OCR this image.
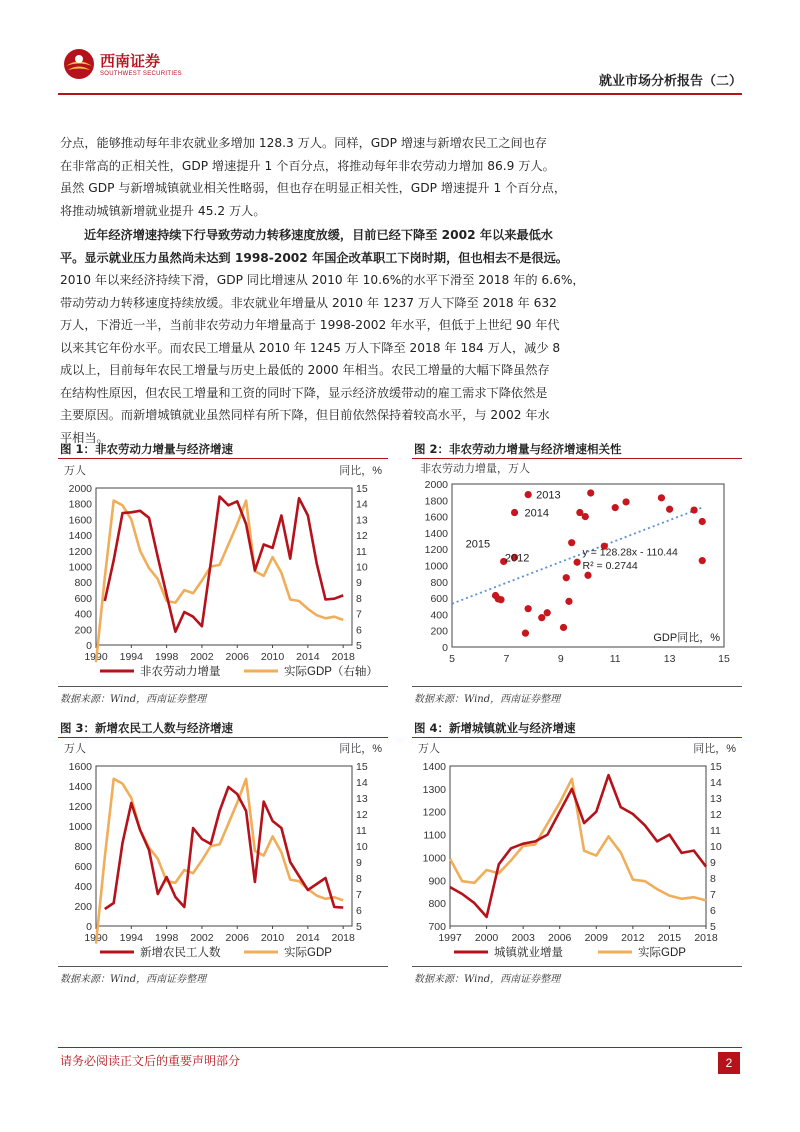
西南证券
SOUTHWEST SECURITIES	就业市场分析报告（二）
分点，能够推动每年非农就业多增加 128.3 万人。同样，GDP 增速与新增农民工之间也存
在非常高的正相关性，GDP 增速提升 1 个百分点，将推动每年非农劳动力增加 86.9 万人。
虽然 GDP 与新增城镇就业相关性略弱，但也存在明显正相关性，GDP 增速提升 1 个百分点，
将推动城镇新增就业提升 45.2 万人。
近年经济增速持续下行导致劳动力转移速度放缓，目前已经下降至 2002 年以来最低水
平。显示就业压力虽然尚未达到 1998-2002 年国企改革职工下岗时期，但也相去不是很远。
2010 年以来经济持续下滑，GDP 同比增速从 2010 年 10.6%的水平下滑至 2018 年的 6.6%，
带动劳动力转移速度持续放缓。非农就业年增量从 2010 年 1237 万人下降至 2018 年 632
万人，下滑近一半，当前非农劳动力年增量高于 1998-2002 年水平，但低于上世纪 90 年代
以来其它年份水平。而农民工增量从 2010 年 1245 万人下降至 2018 年 184 万人，减少 8
成以上，目前每年农民工增量与历史上最低的 2000 年相当。农民工增量的大幅下降虽然存
在结构性原因，但农民工增量和工资的同时下降，显示经济放缓带动的雇工需求下降依然是
主要原因。而新增城镇就业虽然同样有所下降，但目前依然保持着较高水平，与 2002 年水
平相当。
图 1：非农劳动力增量与经济增速	图 2：非农劳动力增量与经济增速相关性
万人	同比，%
0
200
400
600
800
1000
1200
1400
1600
1800
2000
5
6
7
8
9
10
11
12
13
14
15
1990 1994 1998 2002 2006 2010 2014 2018
非农劳动力增量	实际GDP（右轴）
非农劳动力增量，万人
0
200
400
600
800
1000
1200
1400
1600
1800
2000
5	7	9	11	13	15
2013
2014
2015
2012	y = 128.28x - 110.44
R² = 0.2744
GDP同比，%
数据来源：Wind，西南证券整理	数据来源：Wind，西南证券整理
图 3：新增农民工人数与经济增速	图 4：新增城镇就业与经济增速
万人	同比，%
0
200
400
600
800
1000
1200
1400
1600
5
6
7
8
9
10
11
12
13
14
15
1990 1994 1998 2002 2006 2010 2014 2018
新增农民工人数	实际GDP
万人	同比，%
700
800
900
1000
1100
1200
1300
1400
5
6
7
8
9
10
11
12
13
14
15
1997 2000 2003 2006 2009 2012 2015 2018
城镇就业增量	实际GDP
数据来源：Wind，西南证券整理	数据来源：Wind，西南证券整理
请务必阅读正文后的重要声明部分	2
